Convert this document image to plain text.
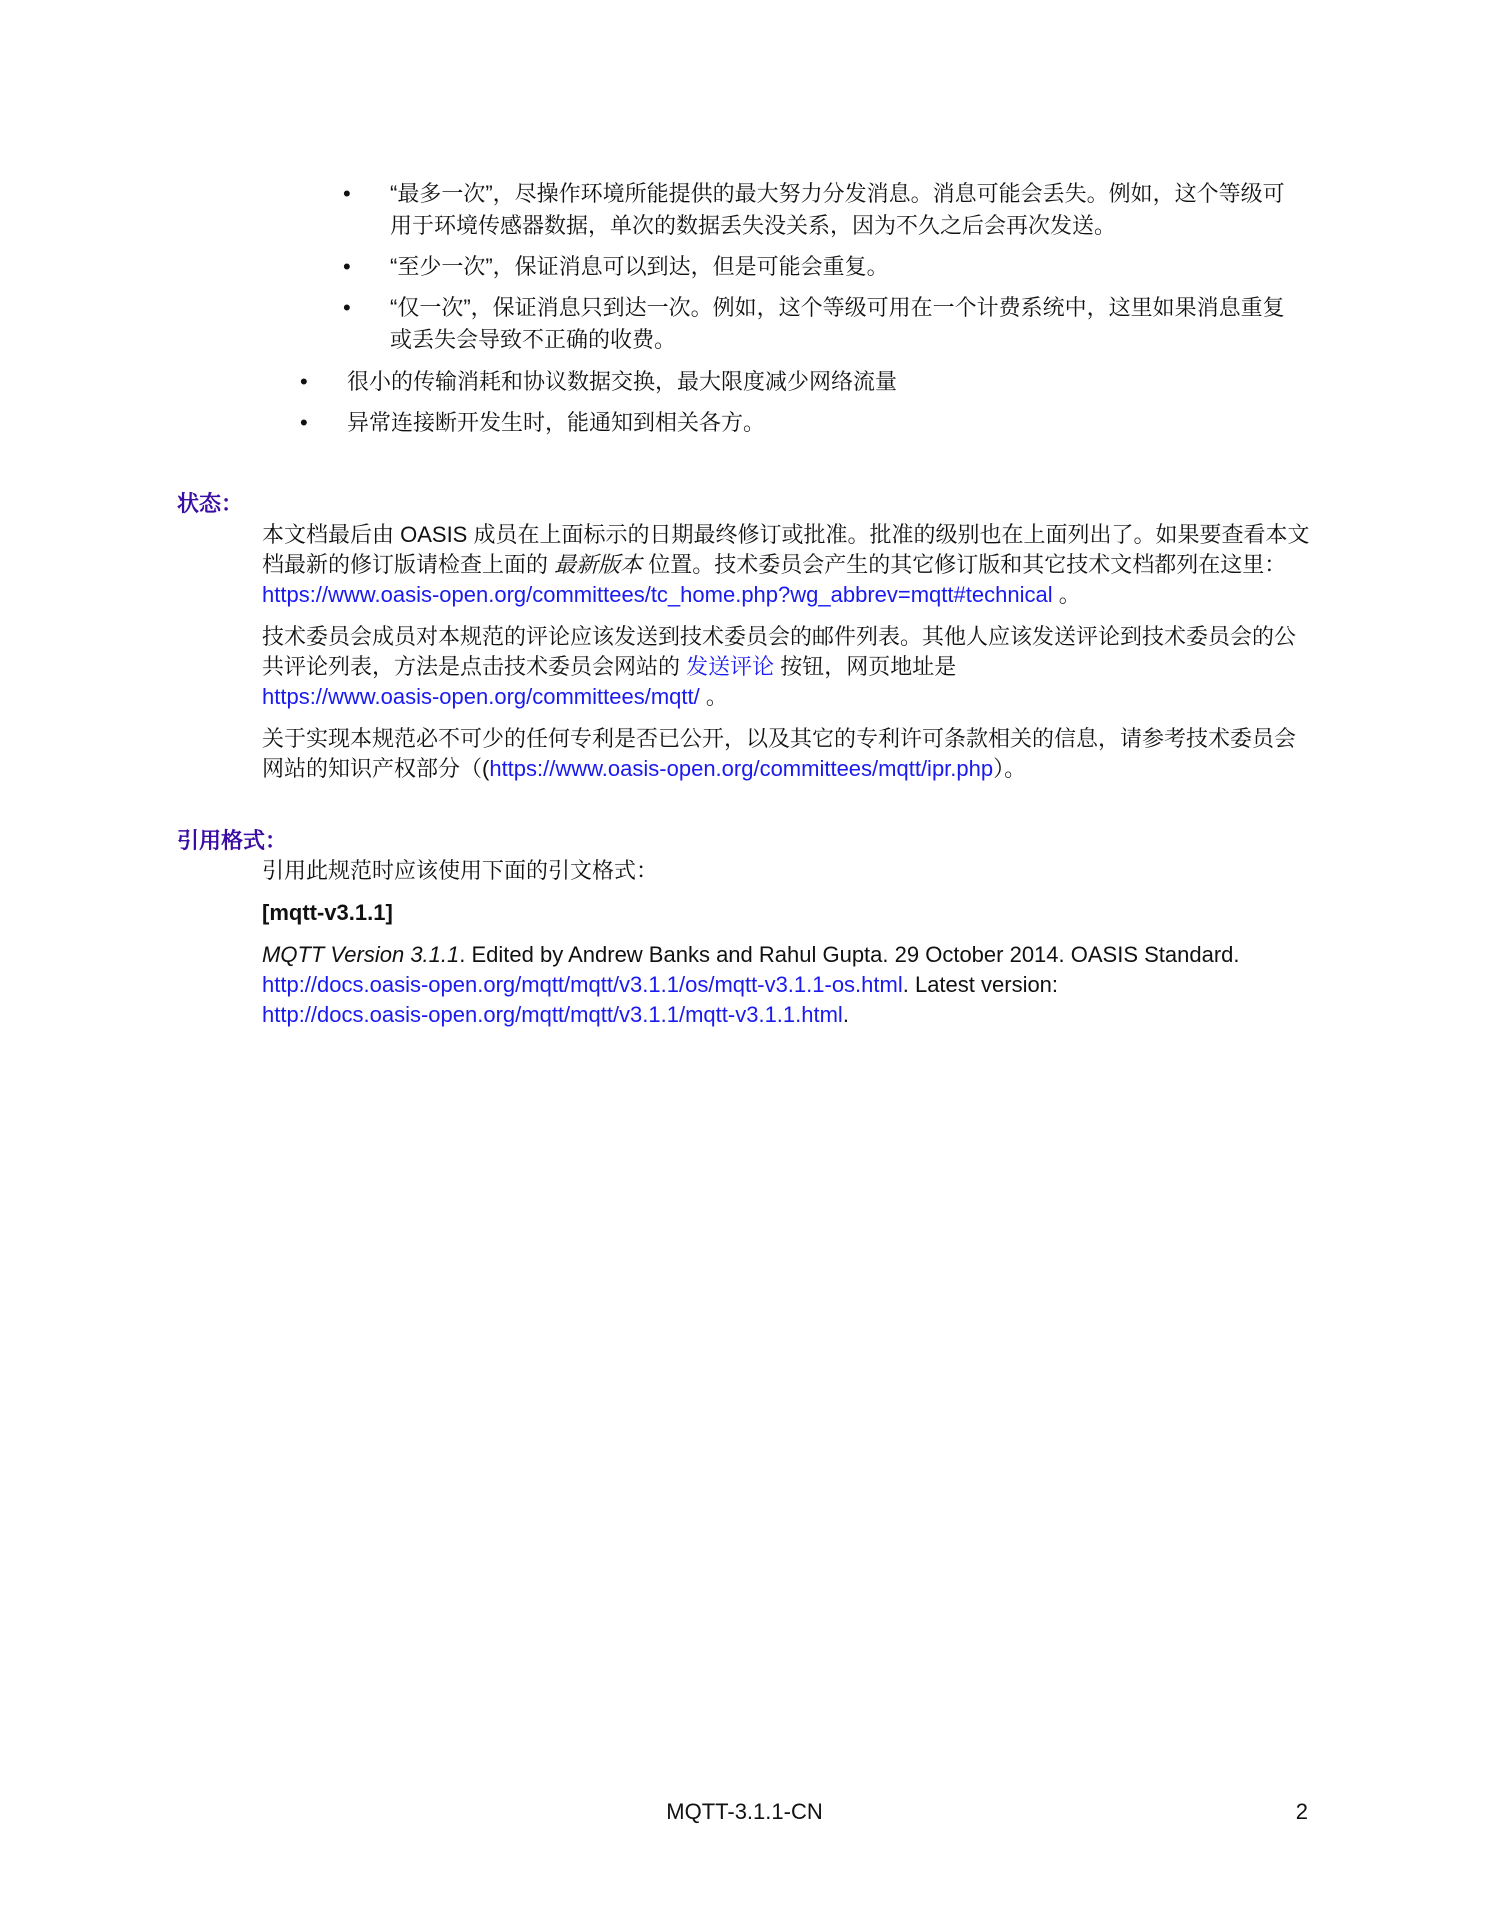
• “最多一次”，尽操作环境所能提供的最大努力分发消息。消息可能会丢失。例如，这个等级可用于环境传感器数据，单次的数据丢失没关系，因为不久之后会再次发送。
• “至少一次”，保证消息可以到达，但是可能会重复。
• “仅一次”，保证消息只到达一次。例如，这个等级可用在一个计费系统中，这里如果消息重复或丢失会导致不正确的收费。
• 很小的传输消耗和协议数据交换，最大限度减少网络流量
• 异常连接断开发生时，能通知到相关各方。
状态：

本文档最后由 OASIS 成员在上面标示的日期最终修订或批准。批准的级别也在上面列出了。如果要查看本文档最新的修订版请检查上面的 最新版本 位置。技术委员会产生的其它修订版和其它技术文档都列在这里：https://www.oasis-open.org/committees/tc_home.php?wg_abbrev=mqtt#technical 。

技术委员会成员对本规范的评论应该发送到技术委员会的邮件列表。其他人应该发送评论到技术委员会的公共评论列表，方法是点击技术委员会网站的 发送评论 按钮，网页地址是
https://www.oasis-open.org/committees/mqtt/ 。

关于实现本规范必不可少的任何专利是否已公开，以及其它的专利许可条款相关的信息，请参考技术委员会网站的知识产权部分（(https://www.oasis-open.org/committees/mqtt/ipr.php）。

引用格式：

引用此规范时应该使用下面的引文格式：

[mqtt-v3.1.1]

MQTT Version 3.1.1. Edited by Andrew Banks and Rahul Gupta. 29 October 2014. OASIS Standard. http://docs.oasis-open.org/mqtt/mqtt/v3.1.1/os/mqtt-v3.1.1-os.html. Latest version:
http://docs.oasis-open.org/mqtt/mqtt/v3.1.1/mqtt-v3.1.1.html.

MQTT-3.1.1-CN	2
